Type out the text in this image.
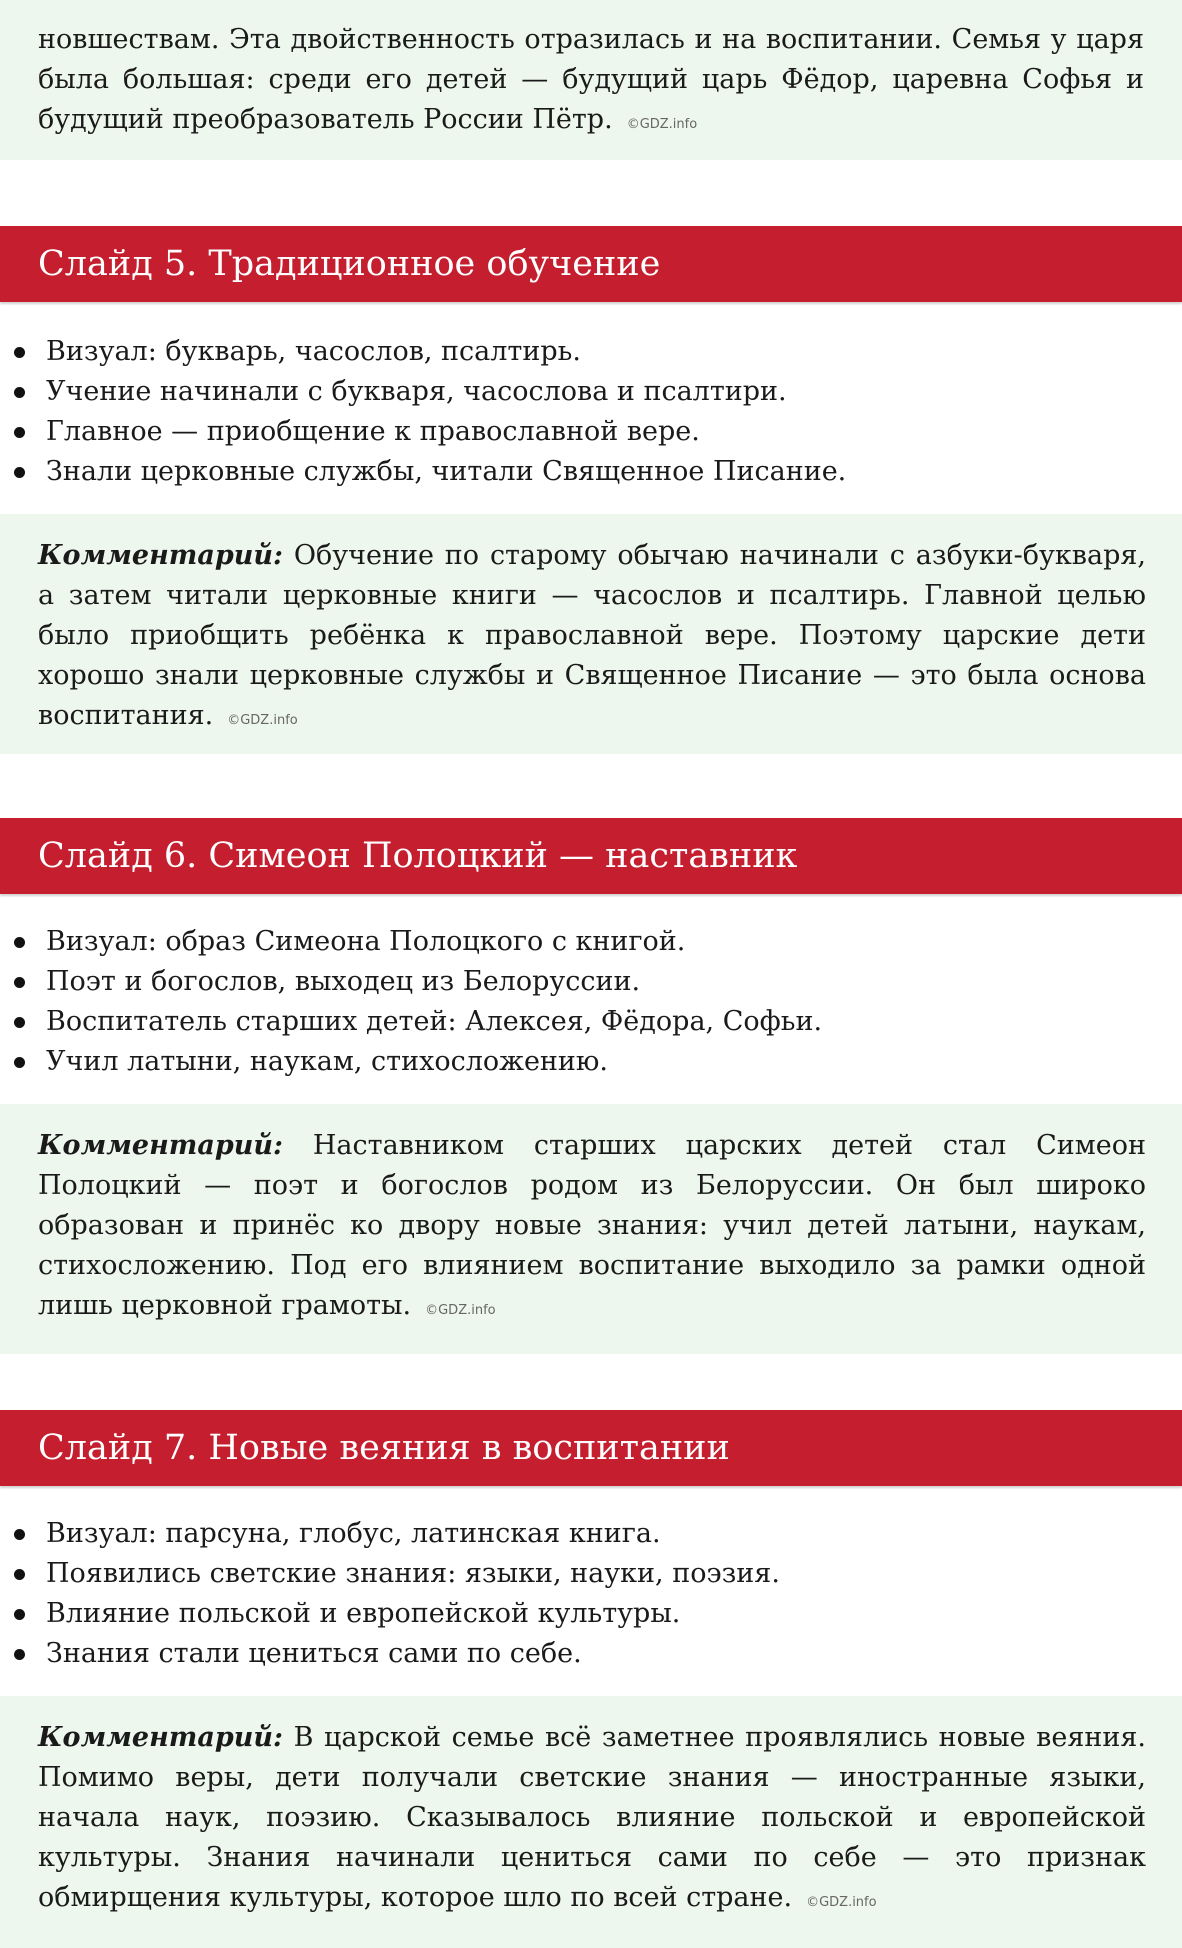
новшествам. Эта двойственность отразилась и на воспитании. Семья у царя была большая: среди его детей — будущий царь Фёдор, царевна Софья и будущий преобразователь России Пётр. ©GDZ.info

Слайд 5. Традиционное обучение
Визуал: букварь, часослов, псалтирь.
Учение начинали с букваря, часослова и псалтири.
Главное — приобщение к православной вере.
Знали церковные службы, читали Священное Писание.

Комментарий: Обучение по старому обычаю начинали с азбуки-букваря, а затем читали церковные книги — часослов и псалтирь. Главной целью было приобщить ребёнка к православной вере. Поэтому царские дети хорошо знали церковные службы и Священное Писание — это была основа воспитания. ©GDZ.info

Слайд 6. Симеон Полоцкий — наставник
Визуал: образ Симеона Полоцкого с книгой.
Поэт и богослов, выходец из Белоруссии.
Воспитатель старших детей: Алексея, Фёдора, Софьи.
Учил латыни, наукам, стихосложению.

Комментарий: Наставником старших царских детей стал Симеон Полоцкий — поэт и богослов родом из Белоруссии. Он был широко образован и принёс ко двору новые знания: учил детей латыни, наукам, стихосложению. Под его влиянием воспитание выходило за рамки одной лишь церковной грамоты. ©GDZ.info

Слайд 7. Новые веяния в воспитании
Визуал: парсуна, глобус, латинская книга.
Появились светские знания: языки, науки, поэзия.
Влияние польской и европейской культуры.
Знания стали цениться сами по себе.

Комментарий: В царской семье всё заметнее проявлялись новые веяния. Помимо веры, дети получали светские знания — иностранные языки, начала наук, поэзию. Сказывалось влияние польской и европейской культуры. Знания начинали цениться сами по себе — это признак обмирщения культуры, которое шло по всей стране. ©GDZ.info
